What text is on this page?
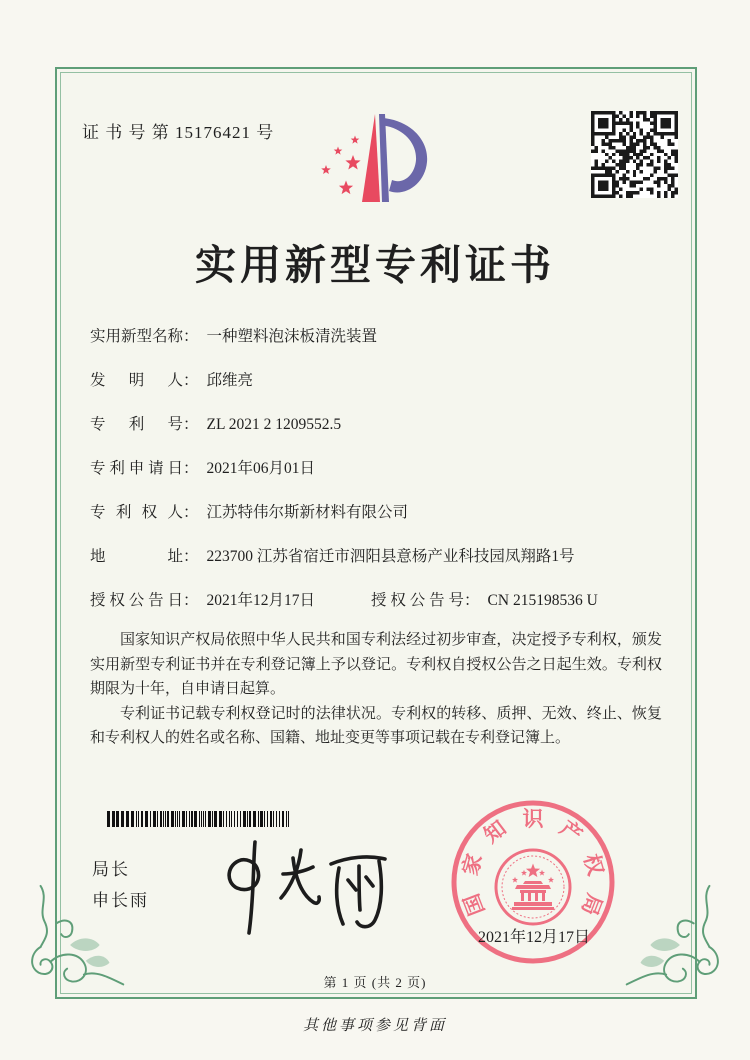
证 书 号 第 15176421 号
实用新型专利证书
实用新型名称： 一种塑料泡沫板清洗装置
发明人： 邱维亮
专利号： ZL 2021 2 1209552.5
专利申请日： 2021年06月01日
专利权人： 江苏特伟尔斯新材料有限公司
地址： 223700 江苏省宿迁市泗阳县意杨产业科技园凤翔路1号
授权公告日： 2021年12月17日	授权公告号： CN 215198536 U

国家知识产权局依照中华人民共和国专利法经过初步审查，决定授予专利权，颁发实用新型专利证书并在专利登记簿上予以登记。专利权自授权公告之日起生效。专利权期限为十年，自申请日起算。

专利证书记载专利权登记时的法律状况。专利权的转移、质押、无效、终止、恢复和专利权人的姓名或名称、国籍、地址变更等事项记载在专利登记簿上。

局长
申长雨	国
家
知 识 产
权
局
2021年12月17日
第 1 页 (共 2 页)
其他事项参见背面
